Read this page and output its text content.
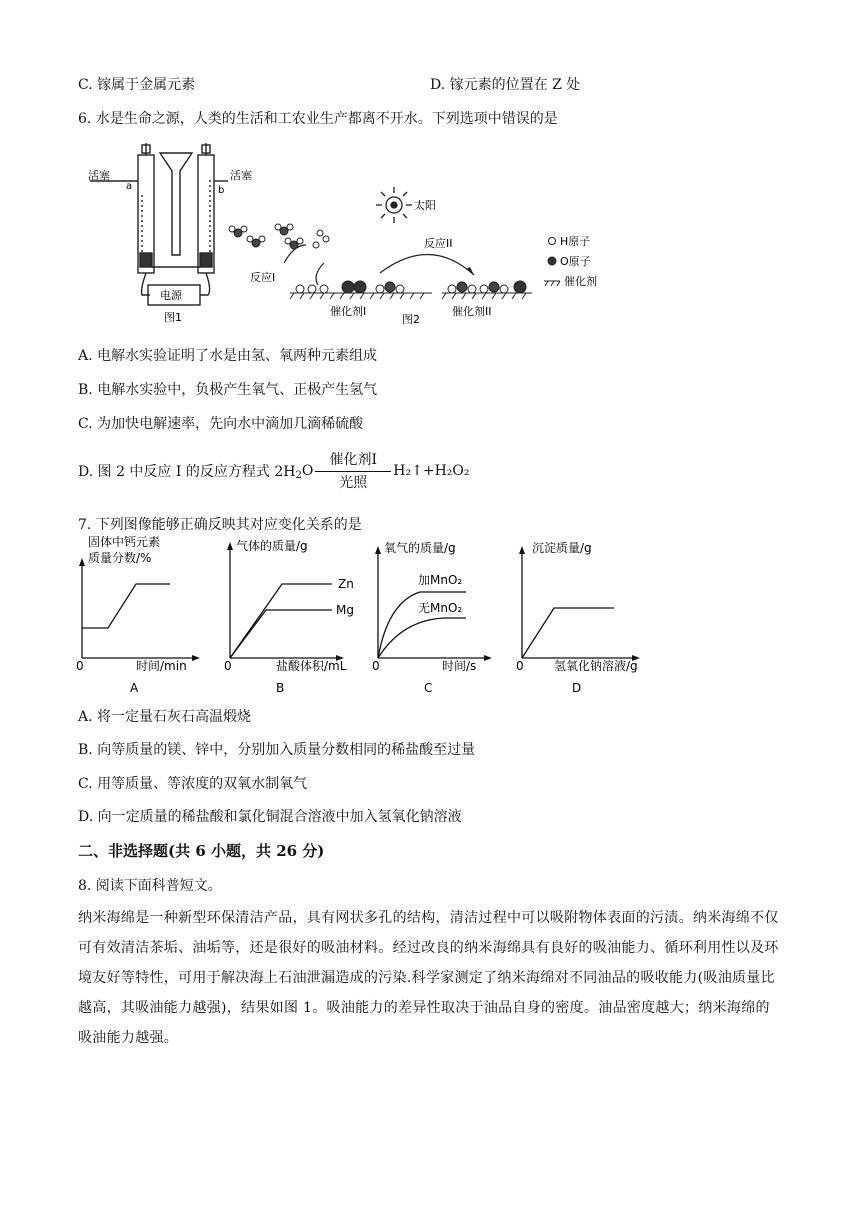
C. 镓属于金属元素	D. 镓元素的位置在 Z 处
6. 水是生命之源，人类的生活和工农业生产都离不开水。下列选项中错误的是
活塞	活塞
a	b
电源
图1
太阳
反应I
催化剂I
图2
反应II
催化剂II
H原子
O原子
催化剂
A. 电解水实验证明了水是由氢、氧两种元素组成
B. 电解水实验中，负极产生氧气、正极产生氢气
C. 为加快电解速率，先向水中滴加几滴稀硫酸
D. 图 2 中反应 I 的反应方程式 2H 2 O
催化剂I
光照
H₂↑+H₂O₂
7. 下列图像能够正确反映其对应变化关系的是
固体中钙元素
质量分数/%
0	时间/min
A
气体的质量/g
Zn
Mg
0	盐酸体积/mL
B
氧气的质量/g
加MnO₂
无MnO₂
0	时间/s
C
沉淀质量/g
0	氢氧化钠溶液/g
D
A. 将一定量石灰石高温煅烧
B. 向等质量的镁、锌中，分别加入质量分数相同的稀盐酸至过量
C. 用等质量、等浓度的双氧水制氧气
D. 向一定质量的稀盐酸和氯化铜混合溶液中加入氢氧化钠溶液
二、非选择题(共 6 小题，共 26 分)
8. 阅读下面科普短文。
纳米海绵是一种新型环保清洁产品，具有网状多孔的结构，清洁过程中可以吸附物体表面的污渍。纳米海绵不仅可有效清洁茶垢、油垢等，还是很好的吸油材料。经过改良的纳米海绵具有良好的吸油能力、循环利用性以及环境友好等特性，可用于解决海上石油泄漏造成的污染.科学家测定了纳米海绵对不同油品的吸收能力(吸油质量比越高，其吸油能力越强)，结果如图 1。吸油能力的差异性取决于油品自身的密度。油品密度越大；纳米海绵的吸油能力越强。
